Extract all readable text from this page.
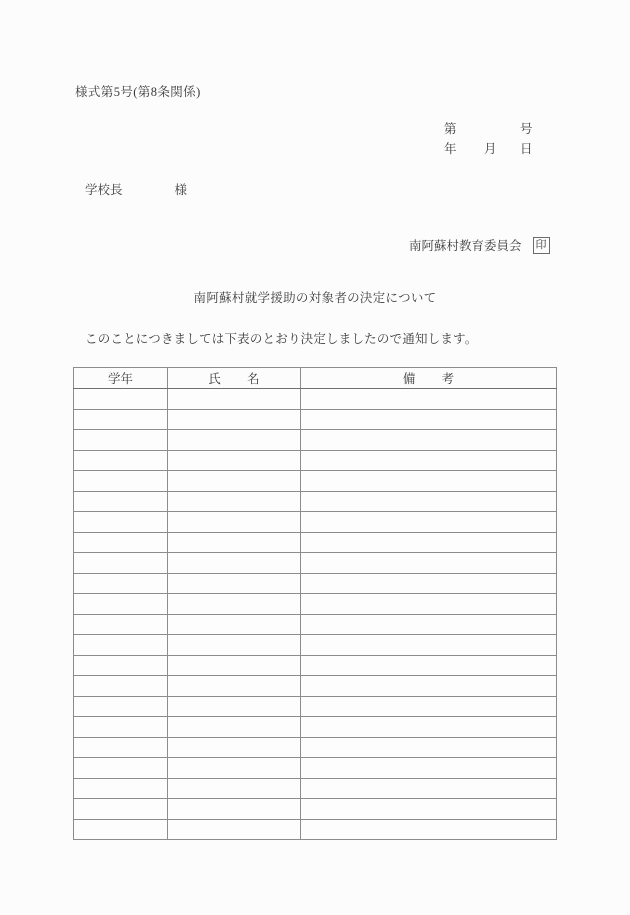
様式第5号(第8条関係)
第	号
年 月 日
学校長	様
南阿蘇村教育委員会 印
南阿蘇村就学援助の対象者の決定について
このことにつきましては下表のとおり決定しましたので通知します。
学年	氏 名	備 考
